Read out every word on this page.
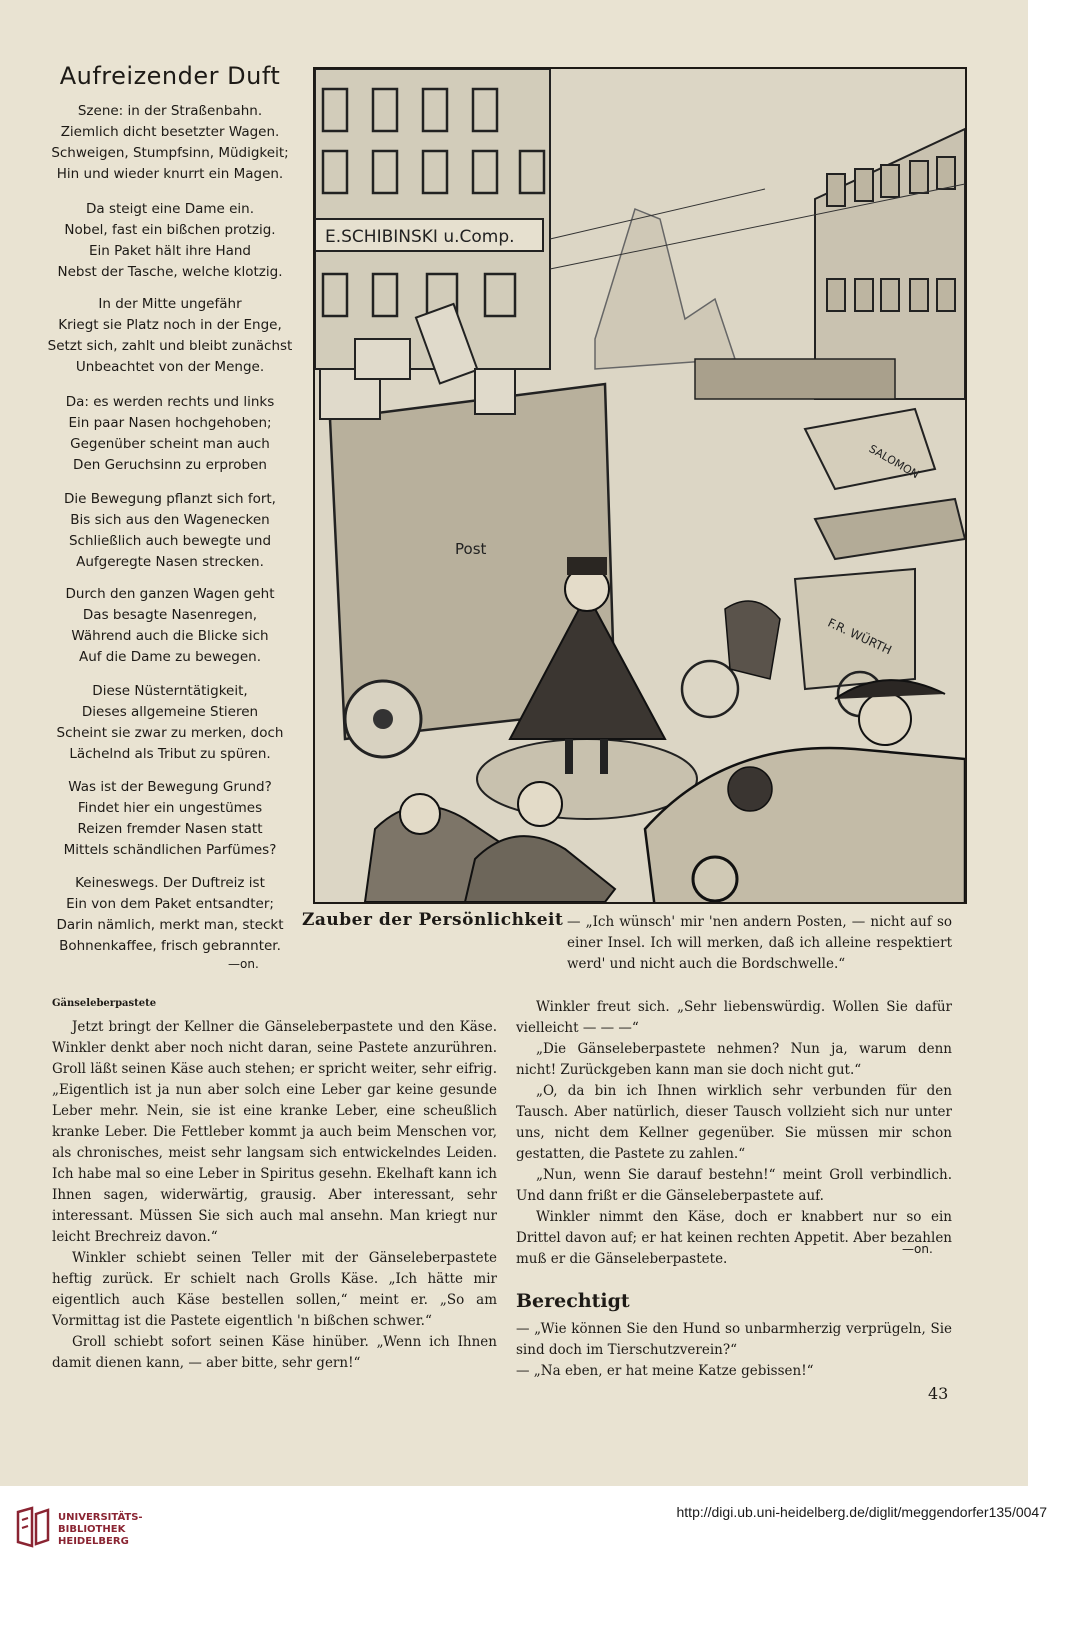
Aufreizender Duft
Szene: in der Straßenbahn.
Ziemlich dicht besetzter Wagen.
Schweigen, Stumpfsinn, Müdigkeit;
Hin und wieder knurrt ein Magen.
Da steigt eine Dame ein.
Nobel, fast ein bißchen protzig.
Ein Paket hält ihre Hand
Nebst der Tasche, welche klotzig.
In der Mitte ungefähr
Kriegt sie Platz noch in der Enge,
Setzt sich, zahlt und bleibt zunächst
Unbeachtet von der Menge.
Da: es werden rechts und links
Ein paar Nasen hochgehoben;
Gegenüber scheint man auch
Den Geruchsinn zu erproben
Die Bewegung pflanzt sich fort,
Bis sich aus den Wagenecken
Schließlich auch bewegte und
Aufgeregte Nasen strecken.
Durch den ganzen Wagen geht
Das besagte Nasenregen,
Während auch die Blicke sich
Auf die Dame zu bewegen.
Diese Nüsterntätigkeit,
Dieses allgemeine Stieren
Scheint sie zwar zu merken, doch
Lächelnd als Tribut zu spüren.
Was ist der Bewegung Grund?
Findet hier ein ungestümes
Reizen fremder Nasen statt
Mittels schändlichen Parfümes?
Keineswegs. Der Duftreiz ist
Ein von dem Paket entsandter;
Darin nämlich, merkt man, steckt
Bohnenkaffee, frisch gebrannter.
—on.
E.SCHIBINSKI u.Comp.
Post
F.R. WÜRTH
SALOMON
Zauber der Persönlichkeit — „Ich wünsch' mir 'nen andern Posten, — nicht auf so einer Insel. Ich will merken, daß ich alleine respektiert werd' und nicht auch die Bordschwelle.“
Gänseleberpastete

Jetzt bringt der Kellner die Gänseleberpastete und den Käse. Winkler denkt aber noch nicht daran, seine Pastete anzurühren. Groll läßt seinen Käse auch stehen; er spricht weiter, sehr eifrig. „Eigentlich ist ja nun aber solch eine Leber gar keine gesunde Leber mehr. Nein, sie ist eine kranke Leber, eine scheußlich kranke Leber. Die Fettleber kommt ja auch beim Menschen vor, als chronisches, meist sehr langsam sich entwickelndes Leiden. Ich habe mal so eine Leber in Spiritus gesehn. Ekelhaft kann ich Ihnen sagen, widerwärtig, grausig. Aber interessant, sehr interessant. Müssen Sie sich auch mal ansehn. Man kriegt nur leicht Brechreiz davon.“

Winkler schiebt seinen Teller mit der Gänseleberpastete heftig zurück. Er schielt nach Grolls Käse. „Ich hätte mir eigentlich auch Käse bestellen sollen,“ meint er. „So am Vormittag ist die Pastete eigentlich 'n bißchen schwer.“

Groll schiebt sofort seinen Käse hinüber. „Wenn ich Ihnen damit dienen kann, — aber bitte, sehr gern!“

Winkler freut sich. „Sehr liebenswürdig. Wollen Sie dafür vielleicht — — —“

„Die Gänseleberpastete nehmen? Nun ja, warum denn nicht! Zurückgeben kann man sie doch nicht gut.“

„O, da bin ich Ihnen wirklich sehr verbunden für den Tausch. Aber natürlich, dieser Tausch vollzieht sich nur unter uns, nicht dem Kellner gegenüber. Sie müssen mir schon gestatten, die Pastete zu zahlen.“

„Nun, wenn Sie darauf bestehn!“ meint Groll verbindlich. Und dann frißt er die Gänseleberpastete auf.

Winkler nimmt den Käse, doch er knabbert nur so ein Drittel davon auf; er hat keinen rechten Appetit. Aber bezahlen muß er die Gänseleberpastete.

—on.
Berechtigt
— „Wie können Sie den Hund so unbarmherzig verprügeln, Sie sind doch im Tierschutzverein?“
— „Na eben, er hat meine Katze gebissen!“
43
UNIVERSITÄTS-
BIBLIOTHEK
HEIDELBERG
http://digi.ub.uni-heidelberg.de/diglit/meggendorfer135/0047
